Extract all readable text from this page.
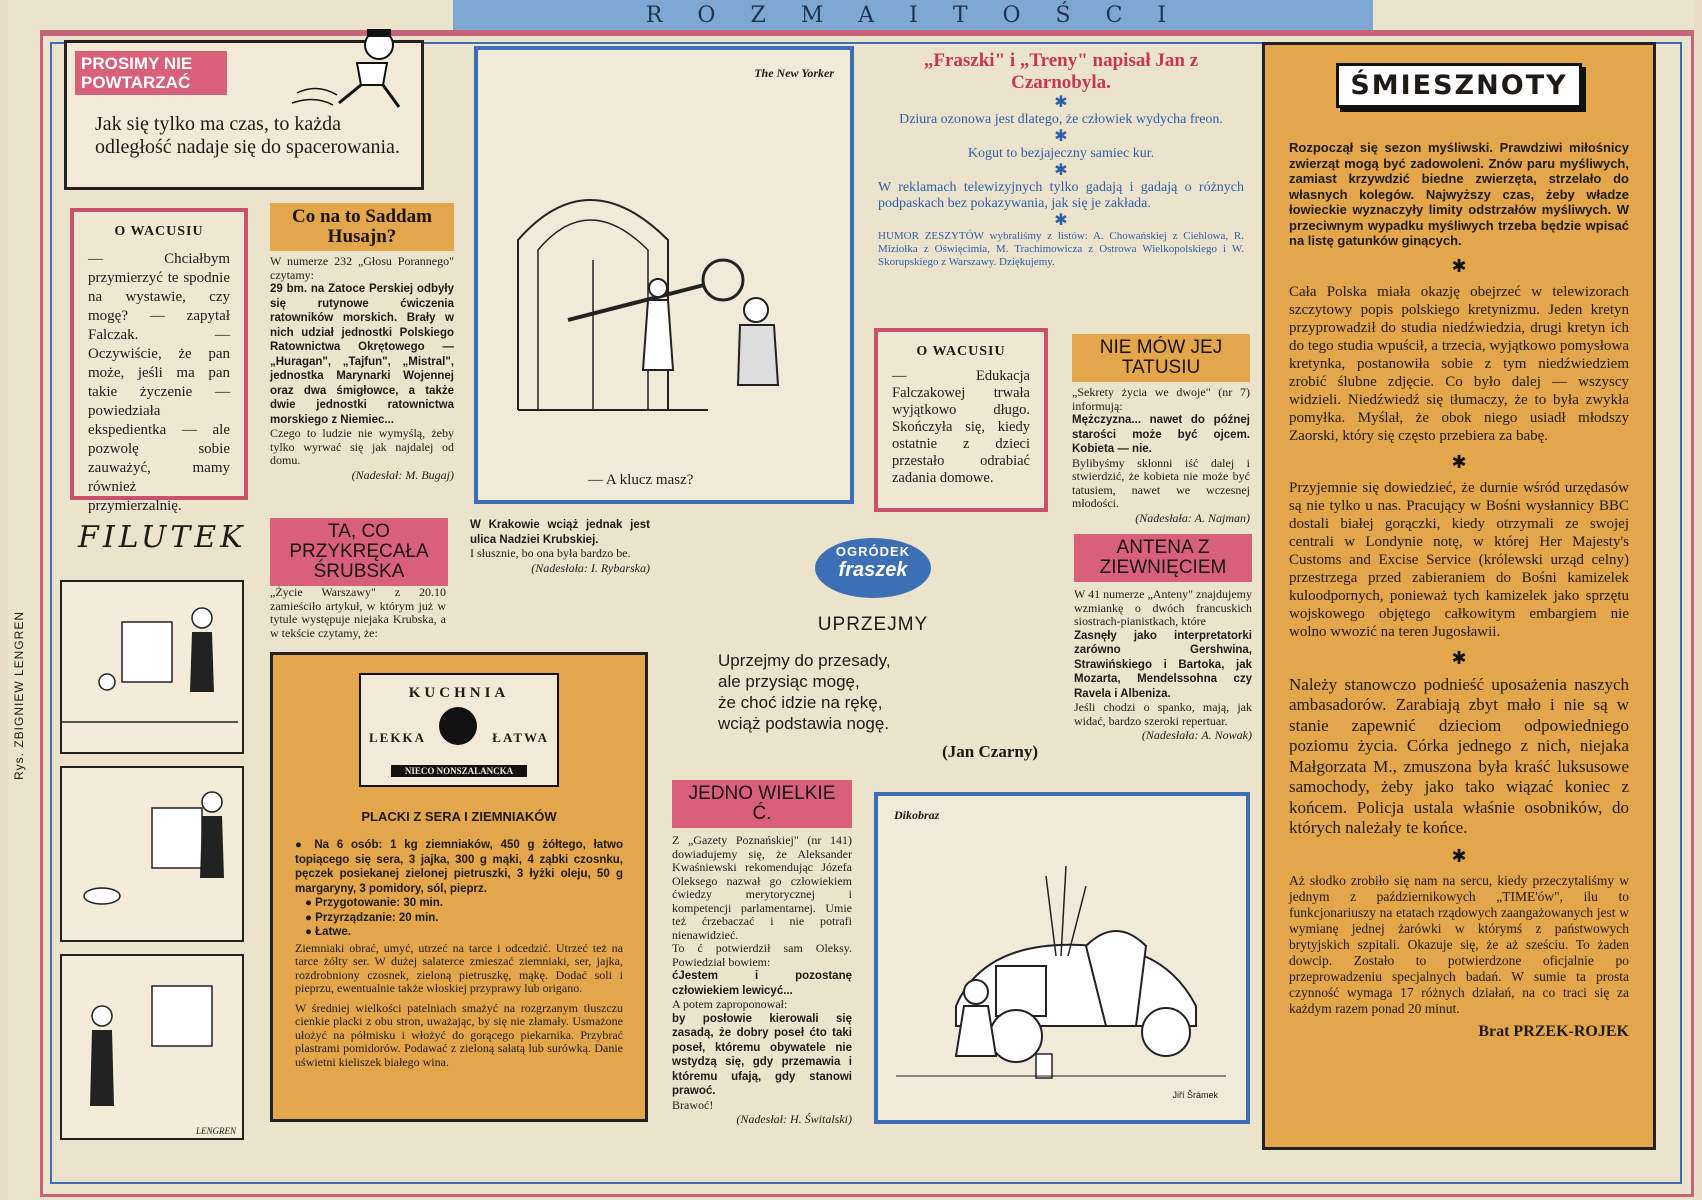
R O Z M A I T O Ś C I
Rys. ZBIGNIEW LENGREN
PROSIMY NIE POWTARZAĆ

Jak się tylko ma czas, to każda odległość nadaje się do spacerowania.

O WACUSIU

— Chciałbym przymierzyć te spodnie na wystawie, czy mogę? — zapytał Falczak. — Oczywiście, że pan może, jeśli ma pan takie życzenie — powiedziała ekspedientka — ale pozwolę sobie zauważyć, mamy również przymierzalnię.

Co na to Saddam Husajn?

W numerze 232 „Głosu Porannego" czytamy:

29 bm. na Zatoce Perskiej odbyły się rutynowe ćwiczenia ratowników morskich. Brały w nich udział jednostki Polskiego Ratownictwa Okrętowego — „Huragan", „Tajfun", „Mistral", jednostka Marynarki Wojennej oraz dwa śmigłowce, a także dwie jednostki ratownictwa morskiego z Niemiec...

Czego to ludzie nie wymyślą, żeby tylko wyrwać się jak najdalej od domu.

(Nadesłał: M. Bugaj)

The New Yorker
— A klucz masz?
„Fraszki" i „Treny" napisał Jan z Czarnobyla.
✱

Dziura ozonowa jest dlatego, że człowiek wydycha freon.

✱

Kogut to bezjajeczny samiec kur.

✱

W reklamach telewizyjnych tylko gadają i gadają o różnych podpaskach bez pokazywania, jak się je zakłada.

✱

HUMOR ZESZYTÓW wybraliśmy z listów: A. Chowańskiej z Ciehlowa, R. Miziołka z Oświęcimia, M. Trachimowicza z Ostrowa Wielkopolskiego i W. Skorupskiego z Warszawy. Dziękujemy.

O WACUSIU

— Edukacja Falczakowej trwała wyjątkowo długo. Skończyła się, kiedy ostatnie z dzieci przestało odrabiać zadania domowe.

NIE MÓW JEJ TATUSIU

„Sekrety życia we dwoje" (nr 7) informują:

Mężczyzna... nawet do późnej starości może być ojcem. Kobieta — nie.

Bylibyśmy skłonni iść dalej i stwierdzić, że kobieta nie może być tatusiem, nawet we wczesnej młodości.

(Nadesłała: A. Najman)

ŚMIESZNOTY

Rozpoczął się sezon myśliwski. Prawdziwi miłośnicy zwierząt mogą być zadowoleni. Znów paru myśliwych, zamiast krzywdzić biedne zwierzęta, strzelało do własnych kolegów. Najwyższy czas, żeby władze łowieckie wyznaczyły limity odstrzałów myśliwych. W przeciwnym wypadku myśliwych trzeba będzie wpisać na listę gatunków ginących.

✱

Cała Polska miała okazję obejrzeć w telewizorach szczytowy popis polskiego kretynizmu. Jeden kretyn przyprowadził do studia niedźwiedzia, drugi kretyn ich do tego studia wpuścił, a trzecia, wyjątkowo pomysłowa kretynka, postanowiła sobie z tym niedźwiedziem zrobić ślubne zdjęcie. Co było dalej — wszyscy widzieli. Niedźwiedź się tłumaczy, że to była zwykła pomyłka. Myślał, że obok niego usiadł młodszy Zaorski, który się często przebiera za babę.

✱

Przyjemnie się dowiedzieć, że durnie wśród urzędasów są nie tylko u nas. Pracujący w Bośni wysłannicy BBC dostali białej gorączki, kiedy otrzymali ze swojej centrali w Londynie notę, w której Her Majesty's Customs and Excise Service (królewski urząd celny) przestrzega przed zabieraniem do Bośni kamizelek kuloodpornych, ponieważ tych kamizelek jako sprzętu wojskowego objętego całkowitym embargiem nie wolno wwozić na teren Jugosławii.

✱

Należy stanowczo podnieść uposażenia naszych ambasadorów. Zarabiają zbyt mało i nie są w stanie zapewnić dzieciom odpowiedniego poziomu życia. Córka jednego z nich, niejaka Małgorzata M., zmuszona była kraść luksusowe samochody, żeby jako tako wiązać koniec z końcem. Policja ustala właśnie osobników, do których należały te końce.

✱

Aż słodko zrobiło się nam na sercu, kiedy przeczytaliśmy w jednym z październikowych „TIME'ów", ilu to funkcjonariuszy na etatach rządowych zaangażowanych jest w wymianę jednej żarówki w którymś z państwowych brytyjskich szpitali. Okazuje się, że aż sześciu. To żaden dowcip. Zostało to potwierdzone oficjalnie po przeprowadzeniu specjalnych badań. W sumie ta prosta czynność wymaga 17 różnych działań, na co traci się za każdym razem ponad 20 minut.

Brat PRZEK-ROJEK
FILUTEK
LENGREN
TA, CO PRZYKRĘCAŁA ŚRUBSKA

„Życie Warszawy" z 20.10 zamieściło artykuł, w którym już w tytule występuje niejaka Krubska, a w tekście czytamy, że:

W Krakowie wciąż jednak jest ulica Nadziei Krubskiej.

I słusznie, bo ona była bardzo be.

(Nadesłała: I. Rybarska)

OGRÓDEK
fraszek
UPRZEJMY
Uprzejmy do przesady,
ale przysiąc mogę,
że choć idzie na rękę,
wciąż podstawia nogę.
(Jan Czarny)
ANTENA Z ZIEWNIĘCIEM

W 41 numerze „Anteny" znajdujemy wzmiankę o dwóch francuskich siostrach-pianistkach, które

Zasnęły jako interpretatorki zarówno Gershwina, Strawińskiego i Bartoka, jak Mozarta, Mendelssohna czy Ravela i Albeniza.

Jeśli chodzi o spanko, mają, jak widać, bardzo szeroki repertuar.

(Nadesłała: A. Nowak)

KUCHNIA
LEKKA	ŁATWA
NIECO NONSZALANCKA
PLACKI Z SERA I ZIEMNIAKÓW

● Na 6 osób: 1 kg ziemniaków, 450 g żółtego, łatwo topiącego się sera, 3 jajka, 300 g mąki, 4 ząbki czosnku, pęczek posiekanej zielonej pietruszki, 3 łyżki oleju, 50 g margaryny, 3 pomidory, sól, pieprz.

● Przygotowanie: 30 min.

● Przyrządzanie: 20 min.

● Łatwe.

Ziemniaki obrać, umyć, utrzeć na tarce i odcedzić. Utrzeć też na tarce żółty ser. W dużej salaterce zmieszać ziemniaki, ser, jajka, rozdrobniony czosnek, zieloną pietruszkę, mąkę. Dodać soli i pieprzu, ewentualnie także włoskiej przyprawy lub origano.

W średniej wielkości patelniach smażyć na rozgrzanym tłuszczu cienkie placki z obu stron, uważając, by się nie złamały. Usmażone ułożyć na półmisku i włożyć do gorącego piekarnika. Przybrać plastrami pomidorów. Podawać z zieloną sałatą lub surówką. Danie uświetni kieliszek białego wina.

JEDNO WIELKIE Ć.

Z „Gazety Poznańskiej" (nr 141) dowiadujemy się, że Aleksander Kwaśniewski rekomendując Józefa Oleksego nazwał go człowiekiem ćwiedzy merytorycznej i kompetencji parlamentarnej. Umie też ćrzebaczać i nie potrafi nienawidzieć.

To ć potwierdził sam Oleksy. Powiedział bowiem:

ćJestem i pozostanę człowiekiem lewicyć...

A potem zaproponował:

by posłowie kierowali się zasadą, że dobry poseł ćto taki poseł, któremu obywatele nie wstydzą się, gdy przemawia i któremu ufają, gdy stanowi prawoć.

Brawoć!

(Nadesłał: H. Świtalski)

Dikobraz
Jiří Šrámek
